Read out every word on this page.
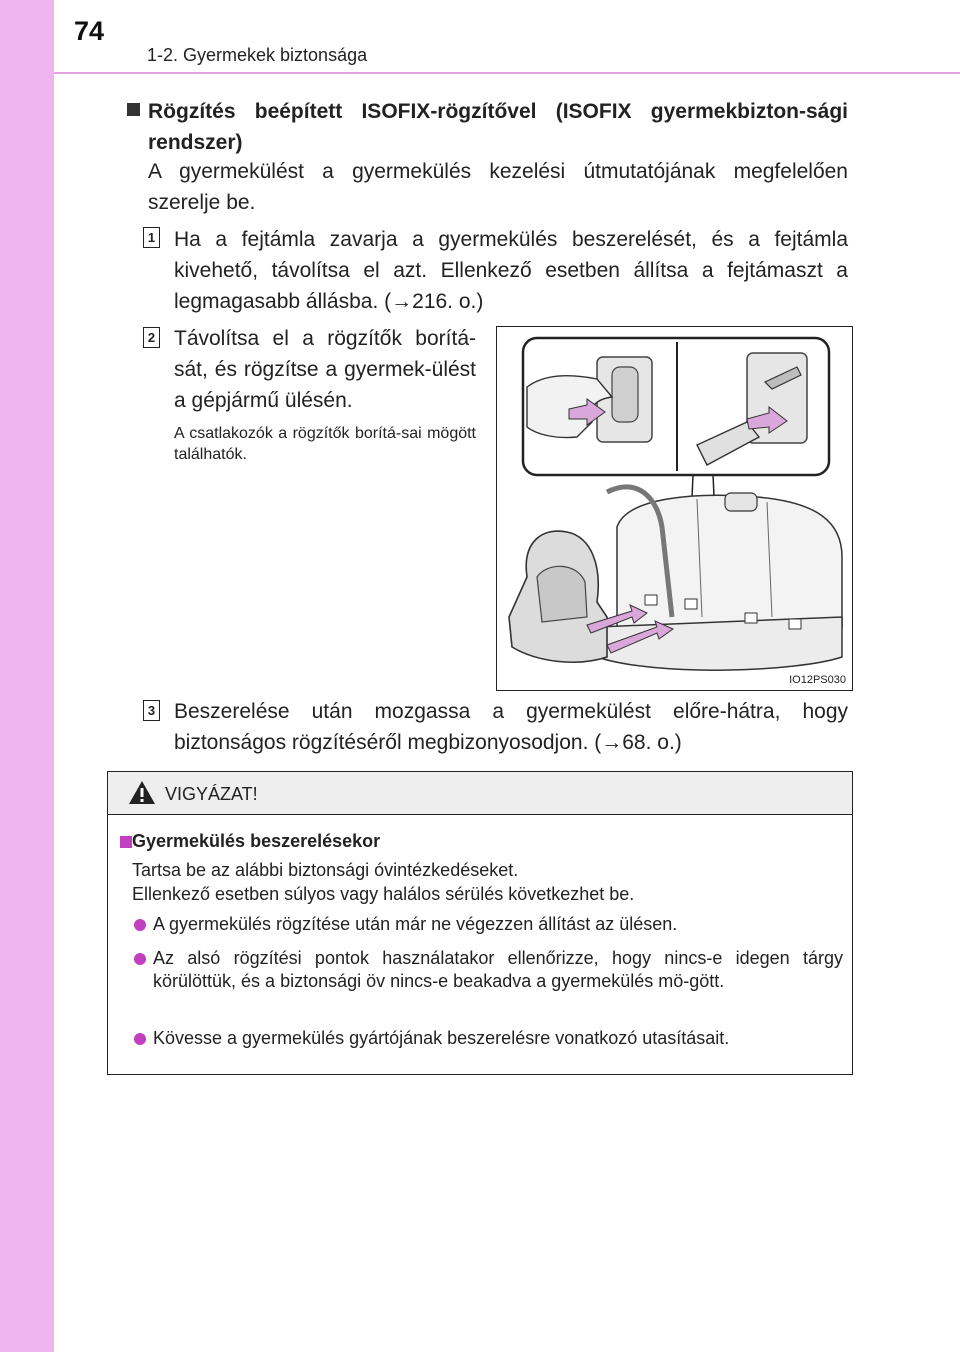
74
1-2. Gyermekek biztonsága
Rögzítés beépített ISOFIX-rögzítővel (ISOFIX gyermekbizton-sági rendszer)
A gyermekülést a gyermekülés kezelési útmutatójának megfelelően szerelje be.
1 Ha a fejtámla zavarja a gyermekülés beszerelését, és a fejtámla kivehető, távolítsa el azt. Ellenkező esetben állítsa a fejtámaszt a legmagasabb állásba. (→216. o.)
2 Távolítsa el a rögzítők borítá-sát, és rögzítse a gyermek-ülést a gépjármű ülésén.
A csatlakozók a rögzítők borítá-sai mögött találhatók.
IO12PS030
3 Beszerelése után mozgassa a gyermekülést előre-hátra, hogy biztonságos rögzítéséről megbizonyosodjon. (→68. o.)
VIGYÁZAT!
Gyermekülés beszerelésekor
Tartsa be az alábbi biztonsági óvintézkedéseket.
Ellenkező esetben súlyos vagy halálos sérülés következhet be.
A gyermekülés rögzítése után már ne végezzen állítást az ülésen.
Az alsó rögzítési pontok használatakor ellenőrizze, hogy nincs-e idegen tárgy körülöttük, és a biztonsági öv nincs-e beakadva a gyermekülés mö-gött.
Kövesse a gyermekülés gyártójának beszerelésre vonatkozó utasításait.
